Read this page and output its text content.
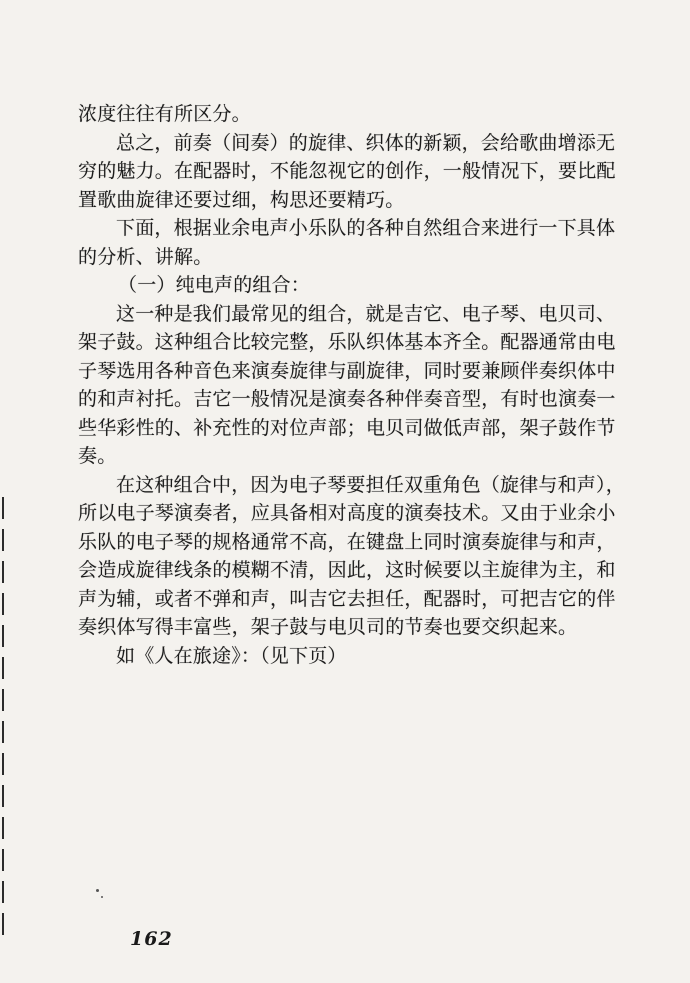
浓度往往有所区分。
总之，前奏（间奏）的旋律、织体的新颖，会给歌曲增添无
穷的魅力。在配器时，不能忽视它的创作，一般情况下，要比配
置歌曲旋律还要过细，构思还要精巧。
下面，根据业余电声小乐队的各种自然组合来进行一下具体
的分析、讲解。
（一）纯电声的组合：
这一种是我们最常见的组合，就是吉它、电子琴、电贝司、
架子鼓。这种组合比较完整，乐队织体基本齐全。配器通常由电
子琴选用各种音色来演奏旋律与副旋律，同时要兼顾伴奏织体中
的和声衬托。吉它一般情况是演奏各种伴奏音型，有时也演奏一
些华彩性的、补充性的对位声部；电贝司做低声部，架子鼓作节
奏。
在这种组合中，因为电子琴要担任双重角色（旋律与和声），
所以电子琴演奏者，应具备相对高度的演奏技术。又由于业余小
乐队的电子琴的规格通常不高，在键盘上同时演奏旋律与和声，
会造成旋律线条的模糊不清，因此，这时候要以主旋律为主，和
声为辅，或者不弹和声，叫吉它去担任，配器时，可把吉它的伴
奏织体写得丰富些，架子鼓与电贝司的节奏也要交织起来。
如《人在旅途》：（见下页）
162
